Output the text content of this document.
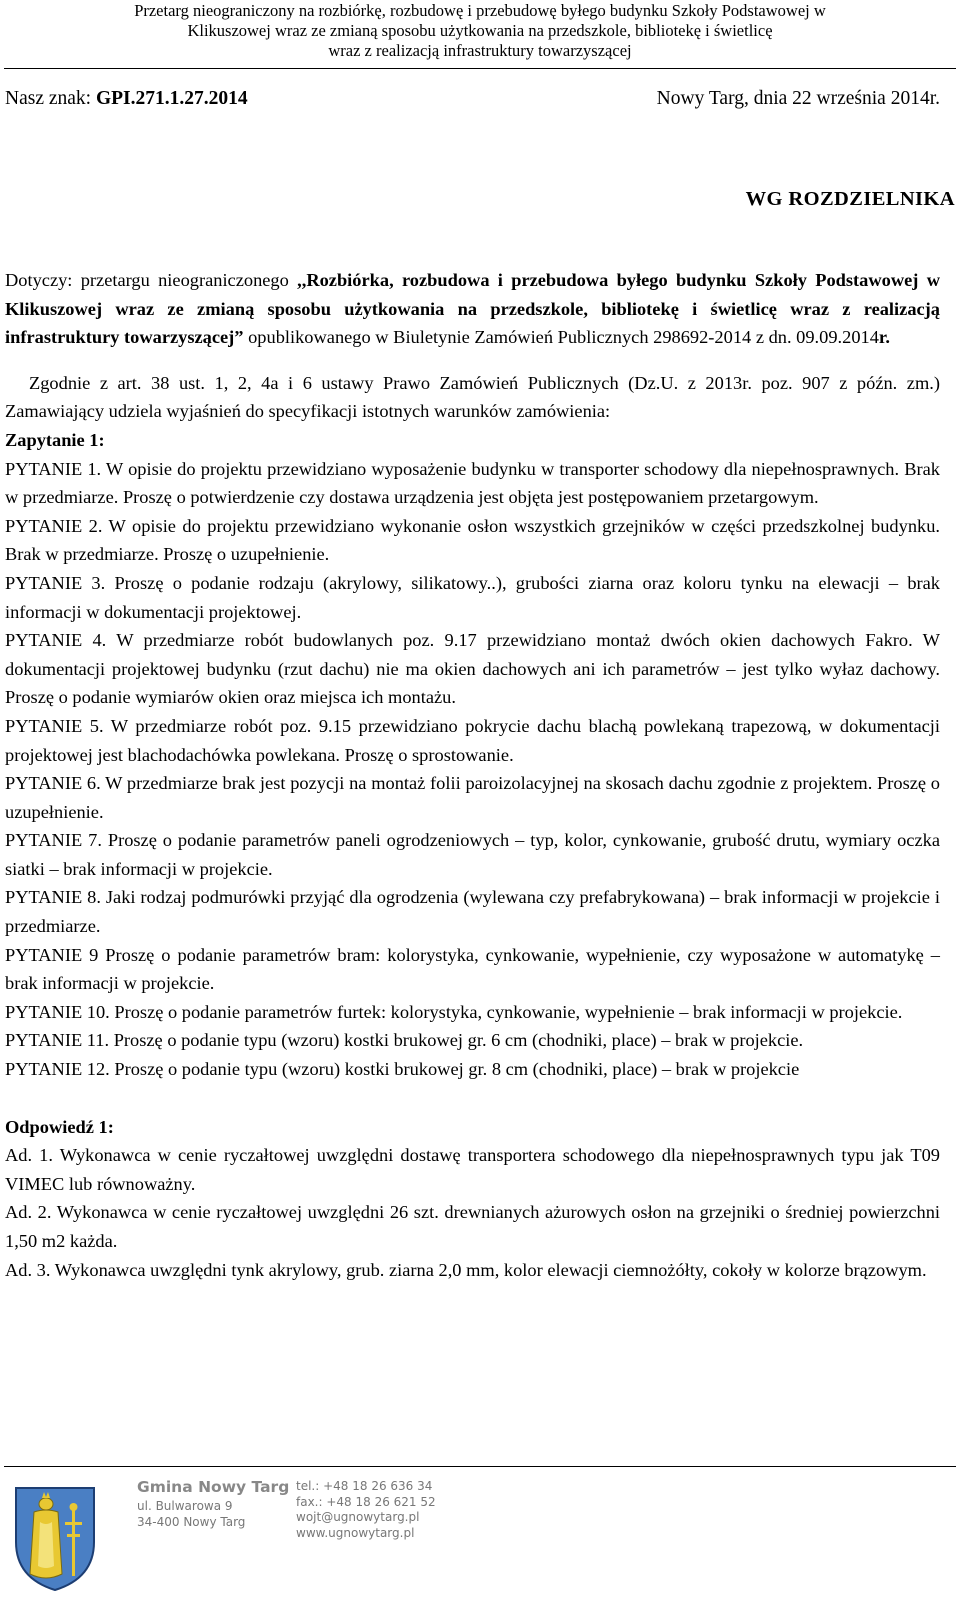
Przetarg nieograniczony na rozbiórkę, rozbudowę i przebudowę byłego budynku Szkoły Podstawowej w
Klikuszowej wraz ze zmianą sposobu użytkowania na przedszkole, bibliotekę i świetlicę
wraz z realizacją infrastruktury towarzyszącej
Nasz znak: GPI.271.1.27.2014	Nowy Targ, dnia 22 września 2014r.
WG ROZDZIELNIKA

Dotyczy: przetargu nieograniczonego ,,Rozbiórka, rozbudowa i przebudowa byłego budynku Szkoły Podstawowej w Klikuszowej wraz ze zmianą sposobu użytkowania na przedszkole, bibliotekę i świetlicę wraz z realizacją infrastruktury towarzyszącej” opublikowanego w Biuletynie Zamówień Publicznych 298692-2014 z dn. 09.09.2014r.

Zgodnie z art. 38 ust. 1, 2, 4a i 6 ustawy Prawo Zamówień Publicznych (Dz.U. z 2013r. poz. 907 z późn. zm.) Zamawiający udziela wyjaśnień do specyfikacji istotnych warunków zamówienia:

Zapytanie 1:

PYTANIE 1. W opisie do projektu przewidziano wyposażenie budynku w transporter schodowy dla niepełnosprawnych. Brak w przedmiarze. Proszę o potwierdzenie czy dostawa urządzenia jest objęta jest postępowaniem przetargowym.

PYTANIE 2. W opisie do projektu przewidziano wykonanie osłon wszystkich grzejników w części przedszkolnej budynku. Brak w przedmiarze. Proszę o uzupełnienie.

PYTANIE 3. Proszę o podanie rodzaju (akrylowy, silikatowy..), grubości ziarna oraz koloru tynku na elewacji – brak informacji w dokumentacji projektowej.

PYTANIE 4. W przedmiarze robót budowlanych poz. 9.17 przewidziano montaż dwóch okien dachowych Fakro. W dokumentacji projektowej budynku (rzut dachu) nie ma okien dachowych ani ich parametrów – jest tylko wyłaz dachowy. Proszę o podanie wymiarów okien oraz miejsca ich montażu.

PYTANIE 5. W przedmiarze robót poz. 9.15 przewidziano pokrycie dachu blachą powlekaną trapezową, w dokumentacji projektowej jest blachodachówka powlekana. Proszę o sprostowanie.

PYTANIE 6. W przedmiarze brak jest pozycji na montaż folii paroizolacyjnej na skosach dachu zgodnie z projektem. Proszę o uzupełnienie.

PYTANIE 7. Proszę o podanie parametrów paneli ogrodzeniowych – typ, kolor, cynkowanie, grubość drutu, wymiary oczka siatki – brak informacji w projekcie.

PYTANIE 8. Jaki rodzaj podmurówki przyjąć dla ogrodzenia (wylewana czy prefabrykowana) – brak informacji w projekcie i przedmiarze.

PYTANIE 9 Proszę o podanie parametrów bram: kolorystyka, cynkowanie, wypełnienie, czy wyposażone w automatykę – brak informacji w projekcie.

PYTANIE 10. Proszę o podanie parametrów furtek: kolorystyka, cynkowanie, wypełnienie – brak informacji w projekcie.

PYTANIE 11. Proszę o podanie typu (wzoru) kostki brukowej gr. 6 cm (chodniki, place) – brak w projekcie.

PYTANIE 12. Proszę o podanie typu (wzoru) kostki brukowej gr. 8 cm (chodniki, place) – brak w projekcie

Odpowiedź 1:

Ad. 1. Wykonawca w cenie ryczałtowej uwzględni dostawę transportera schodowego dla niepełnosprawnych typu jak T09 VIMEC lub równoważny.

Ad. 2. Wykonawca w cenie ryczałtowej uwzględni 26 szt. drewnianych ażurowych osłon na grzejniki o średniej powierzchni 1,50 m2 każda.

Ad. 3. Wykonawca uwzględni tynk akrylowy, grub. ziarna 2,0 mm, kolor elewacji ciemnożółty, cokoły w kolorze brązowym.

Gmina Nowy Targ
ul. Bulwarowa 9
34-400 Nowy Targ
tel.: +48 18 26 636 34
fax.: +48 18 26 621 52
wojt@ugnowytarg.pl
www.ugnowytarg.pl
